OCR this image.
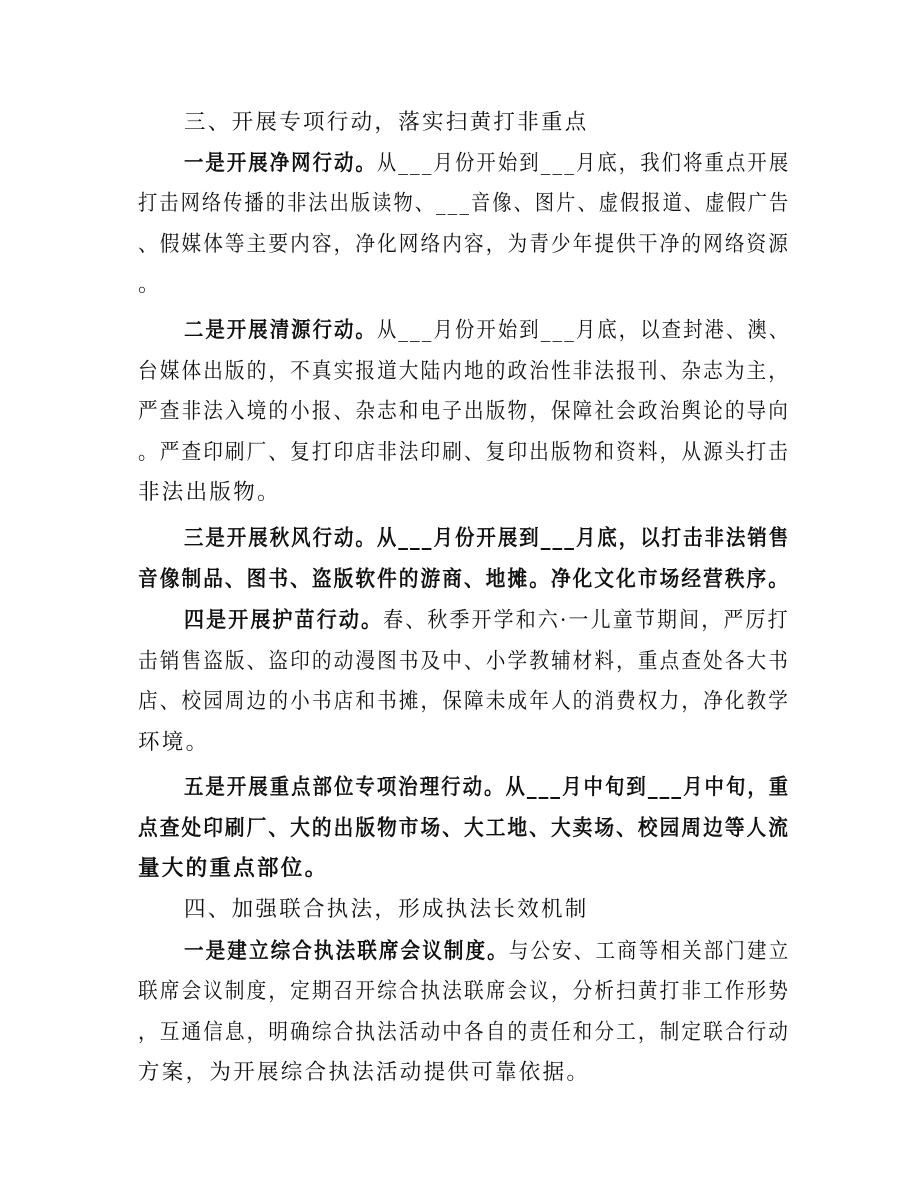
三、开展专项行动，落实扫黄打非重点
一是开展净网行动。从___月份开始到___月底，我们将重点开展
打击网络传播的非法出版读物、___音像、图片、虚假报道、虚假广告
、假媒体等主要内容，净化网络内容，为青少年提供干净的网络资源
。
二是开展清源行动。从___月份开始到___月底，以查封港、澳、
台媒体出版的，不真实报道大陆内地的政治性非法报刊、杂志为主，
严查非法入境的小报、杂志和电子出版物，保障社会政治舆论的导向
。严查印刷厂、复打印店非法印刷、复印出版物和资料，从源头打击
非法出版物。
三是开展秋风行动。从___月份开展到___月底，以打击非法销售
音像制品、图书、盗版软件的游商、地摊。净化文化市场经营秩序。
四是开展护苗行动。春、秋季开学和六·一儿童节期间，严厉打
击销售盗版、盗印的动漫图书及中、小学教辅材料，重点查处各大书
店、校园周边的小书店和书摊，保障未成年人的消费权力，净化教学
环境。
五是开展重点部位专项治理行动。从___月中旬到___月中旬，重
点查处印刷厂、大的出版物市场、大工地、大卖场、校园周边等人流
量大的重点部位。
四、加强联合执法，形成执法长效机制
一是建立综合执法联席会议制度。与公安、工商等相关部门建立
联席会议制度，定期召开综合执法联席会议，分析扫黄打非工作形势
，互通信息，明确综合执法活动中各自的责任和分工，制定联合行动
方案，为开展综合执法活动提供可靠依据。
